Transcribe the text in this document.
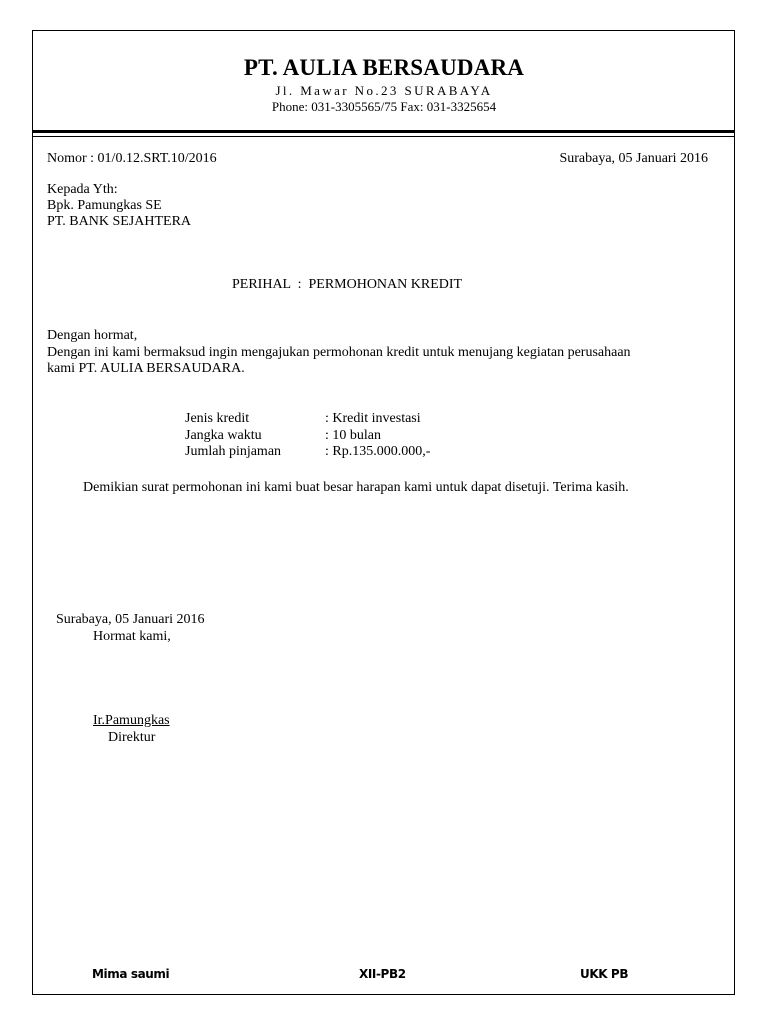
PT. AULIA BERSAUDARA
Jl. Mawar No.23 SURABAYA
Phone: 031-3305565/75 Fax: 031-3325654
Nomor : 01/0.12.SRT.10/2016	Surabaya, 05 Januari 2016
Kepada Yth:
Bpk. Pamungkas SE
PT. BANK SEJAHTERA
PERIHAL  :  PERMOHONAN KREDIT
Dengan hormat,
Dengan ini kami bermaksud ingin mengajukan permohonan kredit untuk menujang kegiatan perusahaan
kami PT. AULIA BERSAUDARA.
Jenis kredit	: Kredit investasi
Jangka waktu	: 10 bulan
Jumlah pinjaman	: Rp.135.000.000,-
Demikian surat permohonan ini kami buat besar harapan kami untuk dapat disetuji. Terima kasih.
Surabaya, 05 Januari 2016
Hormat kami,
Ir.Pamungkas
Direktur
Mima saumi	XII-PB2	UKK PB
